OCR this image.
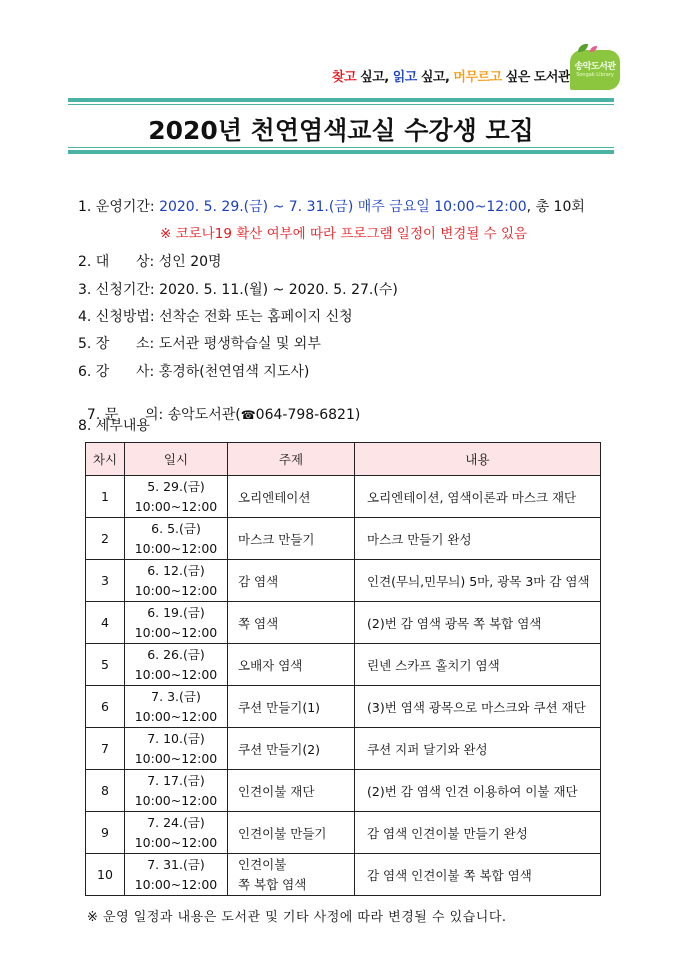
찾고 싶고, 읽고 싶고, 머무르고 싶은 도서관
송악도서관
Songak Library
2020년 천연염색교실 수강생 모집
1. 운영기간: 2020. 5. 29.(금) ~ 7. 31.(금) 매주 금요일 10:00~12:00, 총 10회
※ 코로나19 확산 여부에 따라 프로그램 일정이 변경될 수 있음
2. 대      상: 성인 20명
3. 신청기간: 2020. 5. 11.(월) ~ 2020. 5. 27.(수)
4. 신청방법: 선착순 전화 또는 홈페이지 신청
5. 장      소: 도서관 평생학습실 및 외부
6. 강      사: 홍경하(천연염색 지도사)

7. 문      의: 송악도서관(☎064-798-6821)

8. 세부내용
차시	일시	주제	내용
1	5. 29.(금)
10:00~12:00	오리엔테이션	오리엔테이션, 염색이론과 마스크 재단
2	6. 5.(금)
10:00~12:00	마스크 만들기	마스크 만들기 완성
3	6. 12.(금)
10:00~12:00	감 염색	인견(무늬,민무늬) 5마, 광목 3마 감 염색
4	6. 19.(금)
10:00~12:00	쪽 염색	(2)번 감 염색 광목 쪽 복합 염색
5	6. 26.(금)
10:00~12:00	오배자 염색	린넨 스카프 홀치기 염색
6	7. 3.(금)
10:00~12:00	쿠션 만들기(1)	(3)번 염색 광목으로 마스크와 쿠션 재단
7	7. 10.(금)
10:00~12:00	쿠션 만들기(2)	쿠션 지퍼 달기와 완성
8	7. 17.(금)
10:00~12:00	인견이불 재단	(2)번 감 염색 인견 이용하여 이불 재단
9	7. 24.(금)
10:00~12:00	인견이불 만들기	감 염색 인견이불 만들기 완성
10	7. 31.(금)
10:00~12:00	인견이불
쪽 복합 염색	감 염색 인견이불 쪽 복합 염색
※ 운영 일정과 내용은 도서관 및 기타 사정에 따라 변경될 수 있습니다.
